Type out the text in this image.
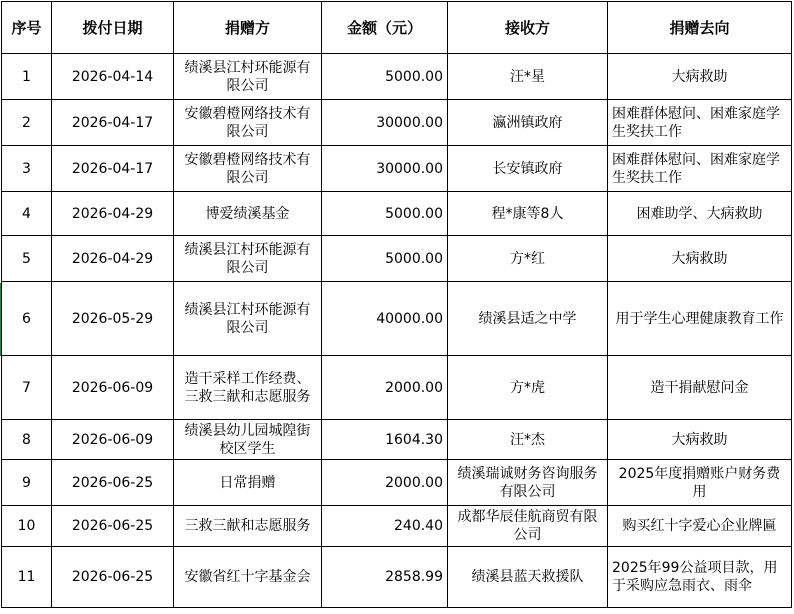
序号	拨付日期	捐赠方	金额（元）	接收方	捐赠去向
1	2026-04-14	绩溪县江村环能源有限公司	5000.00	汪*星	大病救助
2	2026-04-17	安徽碧橙网络技术有限公司	30000.00	瀛洲镇政府	困难群体慰问、困难家庭学生奖扶工作
3	2026-04-17	安徽碧橙网络技术有限公司	30000.00	长安镇政府	困难群体慰问、困难家庭学生奖扶工作
4	2026-04-29	博爱绩溪基金	5000.00	程*康等8人	困难助学、大病救助
5	2026-04-29	绩溪县江村环能源有限公司	5000.00	方*红	大病救助
6	2026-05-29	绩溪县江村环能源有限公司	40000.00	绩溪县适之中学	用于学生心理健康教育工作
7	2026-06-09	造干采样工作经费、三救三献和志愿服务	2000.00	方*虎	造干捐献慰问金
8	2026-06-09	绩溪县幼儿园城隍街校区学生	1604.30	汪*杰	大病救助
9	2026-06-25	日常捐赠	2000.00	绩溪瑞诚财务咨询服务有限公司	2025年度捐赠账户财务费用
10	2026-06-25	三救三献和志愿服务	240.40	成都华辰佳航商贸有限公司	购买红十字爱心企业牌匾
11	2026-06-25	安徽省红十字基金会	2858.99	绩溪县蓝天救援队	2025年99公益项目款，用于采购应急雨衣、雨伞
